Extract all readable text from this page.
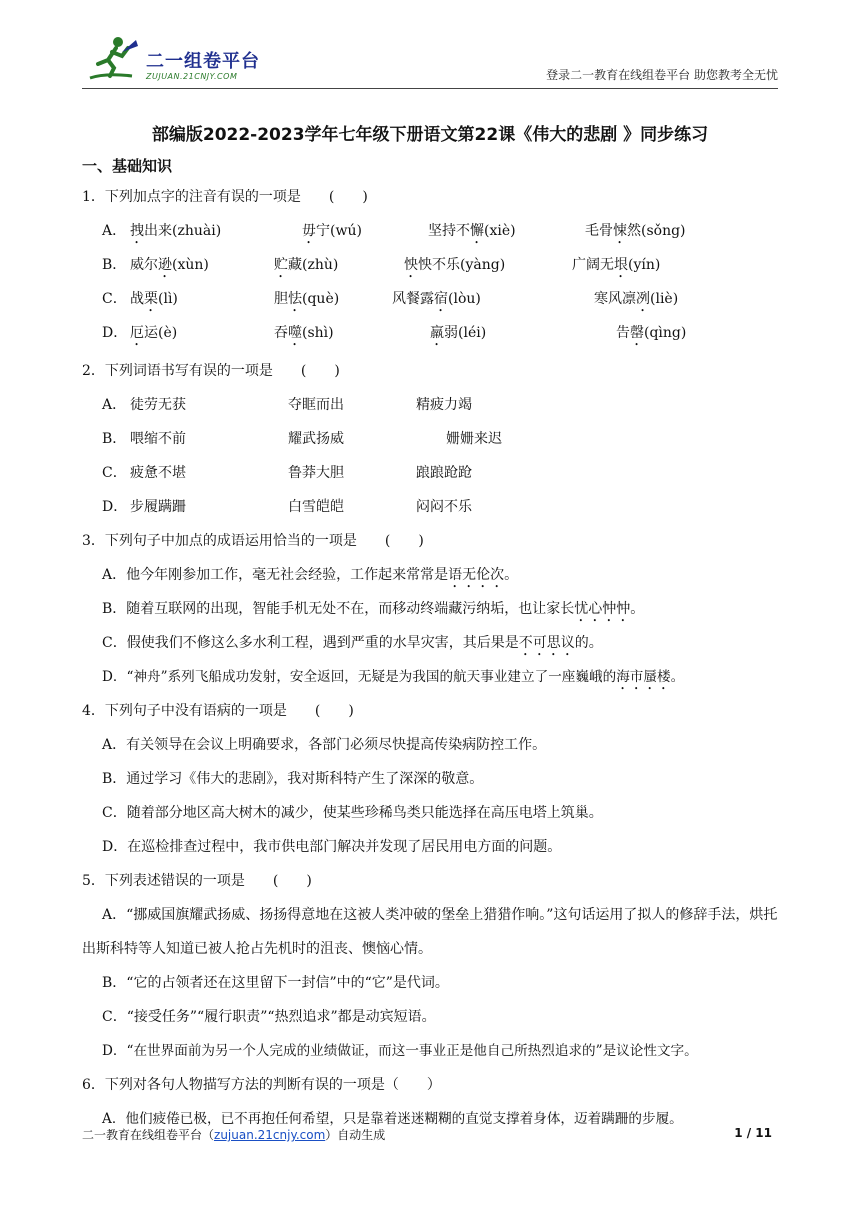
二一组卷平台
ZUJUAN.21CNJY.COM	登录二一教育在线组卷平台 助您教考全无忧
部编版2022-2023学年七年级下册语文第22课《伟大的悲剧 》同步练习
一、基础知识
1．下列加点字的注音有误的一项是　　(　　)
A． 拽出来(zhuài)	毋宁(wú)	坚持不懈(xiè)	毛骨悚然(sǒng)
B． 威尔逊(xùn)	贮藏(zhù)	怏怏不乐(yàng)	广阔无垠(yín)
C． 战栗(lì)	胆怯(què)	风餐露宿(lòu)	寒风凛冽(liè)
D． 厄运(è)	吞噬(shì)	羸弱(léi)	告罄(qìng)
2．下列词语书写有误的一项是　　(　　)
A． 徒劳无获	夺眶而出	精疲力竭
B． 喂缩不前	耀武扬威	姗姗来迟
C． 疲惫不堪	鲁莽大胆	踉踉跄跄
D． 步履蹒跚	白雪皑皑	闷闷不乐
3．下列句子中加点的成语运用恰当的一项是　　(　　)
A．他今年刚参加工作，毫无社会经验，工作起来常常是语无伦次。
B．随着互联网的出现，智能手机无处不在，而移动终端藏污纳垢，也让家长忧心忡忡。
C．假使我们不修这么多水利工程，遇到严重的水旱灾害，其后果是不可思议的。
D．“神舟”系列飞船成功发射，安全返回，无疑是为我国的航天事业建立了一座巍峨的海市蜃楼。
4．下列句子中没有语病的一项是　　(　　)
A．有关领导在会议上明确要求，各部门必须尽快提高传染病防控工作。
B．通过学习《伟大的悲剧》，我对斯科特产生了深深的敬意。
C．随着部分地区高大树木的减少，使某些珍稀鸟类只能选择在高压电塔上筑巢。
D．在巡检排查过程中，我市供电部门解决并发现了居民用电方面的问题。
5．下列表述错误的一项是　　(　　)
A．“挪威国旗耀武扬威、扬扬得意地在这被人类冲破的堡垒上猎猎作响。”这句话运用了拟人的修辞手法，烘托出斯科特等人知道已被人抢占先机时的沮丧、懊恼心情。
B．“它的占领者还在这里留下一封信”中的“它”是代词。
C．“接受任务”“履行职责”“热烈追求”都是动宾短语。
D．“在世界面前为另一个人完成的业绩做证，而这一事业正是他自己所热烈追求的”是议论性文字。
6．下列对各句人物描写方法的判断有误的一项是（　　）
A．他们疲倦已极，已不再抱任何希望，只是靠着迷迷糊糊的直觉支撑着身体，迈着蹒跚的步履。
二一教育在线组卷平台（zujuan.21cnjy.com）自动生成	1 / 11
